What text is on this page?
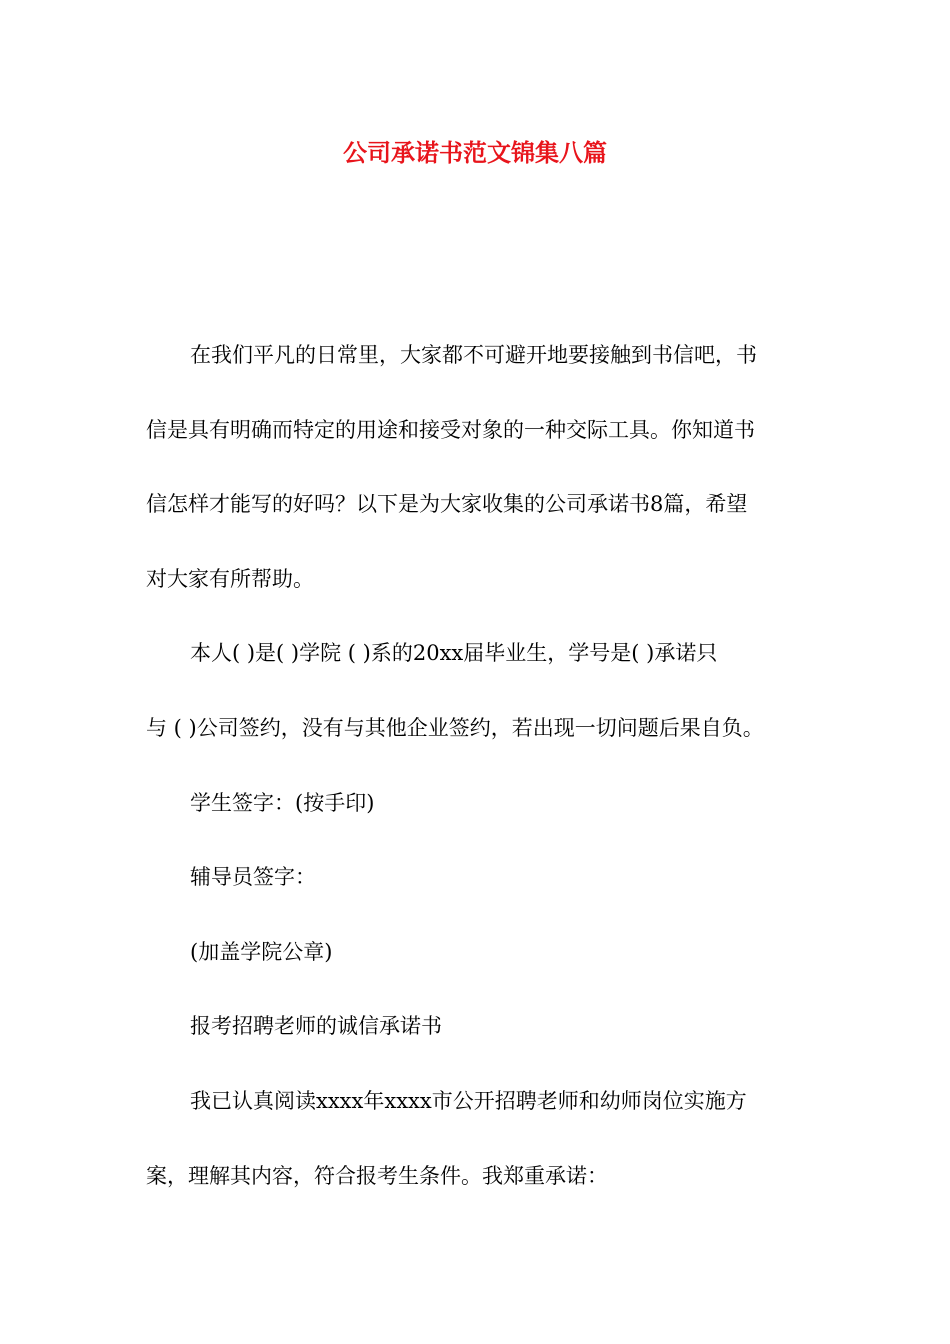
公司承诺书范文锦集八篇

在我们平凡的日常里，大家都不可避开地要接触到书信吧，书

信是具有明确而特定的用途和接受对象的一种交际工具。你知道书

信怎样才能写的好吗？以下是为大家收集的公司承诺书8篇，希望

对大家有所帮助。

本人( )是( )学院 ( )系的20xx届毕业生，学号是( )承诺只

与 ( )公司签约，没有与其他企业签约，若出现一切问题后果自负。

学生签字：(按手印)

辅导员签字：

(加盖学院公章)

报考招聘老师的诚信承诺书

我已认真阅读xxxx年xxxx市公开招聘老师和幼师岗位实施方

案，理解其内容，符合报考生条件。我郑重承诺：
